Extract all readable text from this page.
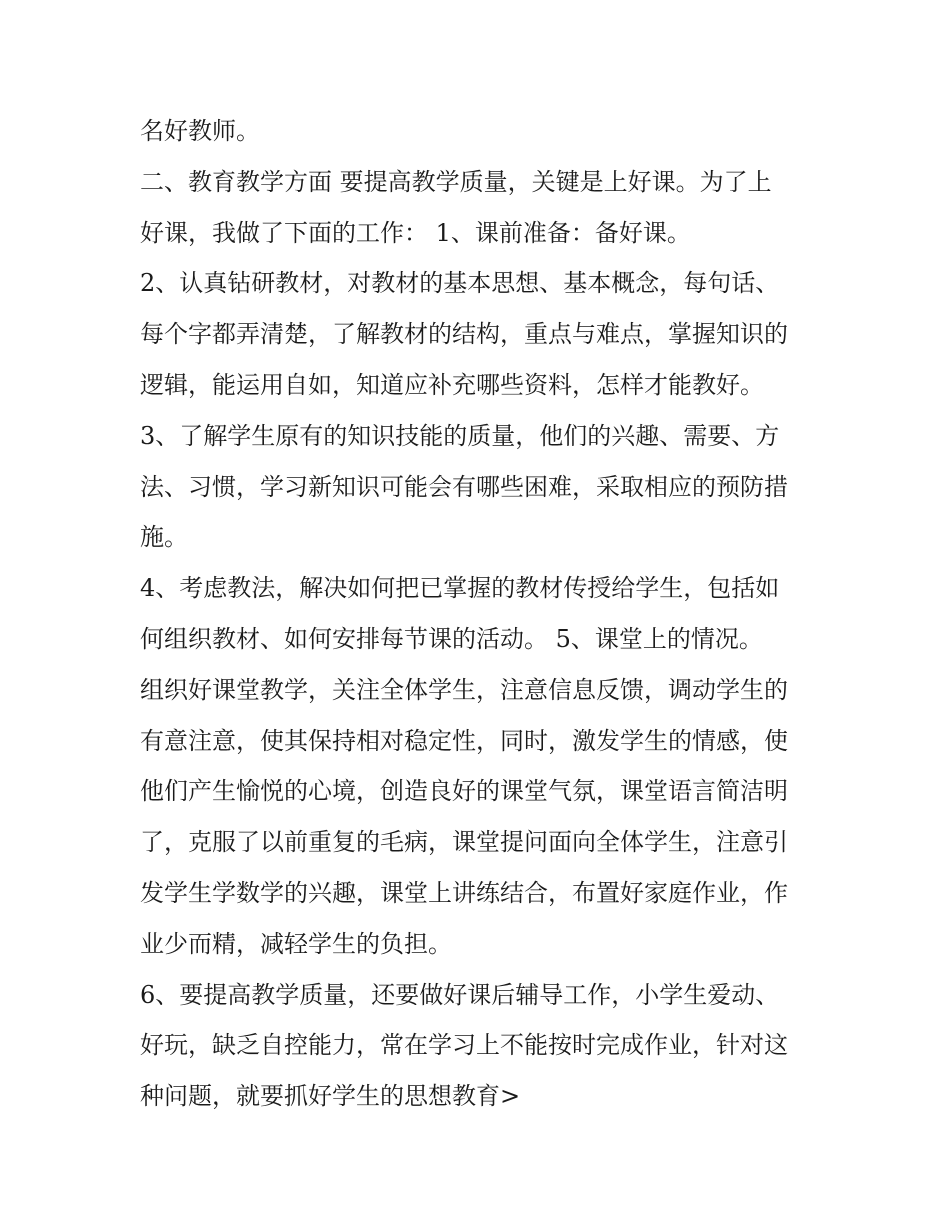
名好教师。
二、教育教学方面 要提高教学质量，关键是上好课。为了上
好课，我做了下面的工作： 1、课前准备：备好课。
2、认真钻研教材，对教材的基本思想、基本概念，每句话、
每个字都弄清楚，了解教材的结构，重点与难点，掌握知识的
逻辑，能运用自如，知道应补充哪些资料，怎样才能教好。
3、了解学生原有的知识技能的质量，他们的兴趣、需要、方
法、习惯，学习新知识可能会有哪些困难，采取相应的预防措
施。
4、考虑教法，解决如何把已掌握的教材传授给学生，包括如
何组织教材、如何安排每节课的活动。 5、课堂上的情况。
组织好课堂教学，关注全体学生，注意信息反馈，调动学生的
有意注意，使其保持相对稳定性，同时，激发学生的情感，使
他们产生愉悦的心境，创造良好的课堂气氛，课堂语言简洁明
了，克服了以前重复的毛病，课堂提问面向全体学生，注意引
发学生学数学的兴趣，课堂上讲练结合，布置好家庭作业，作
业少而精，减轻学生的负担。
6、要提高教学质量，还要做好课后辅导工作，小学生爱动、
好玩，缺乏自控能力，常在学习上不能按时完成作业，针对这
种问题，就要抓好学生的思想教育>
